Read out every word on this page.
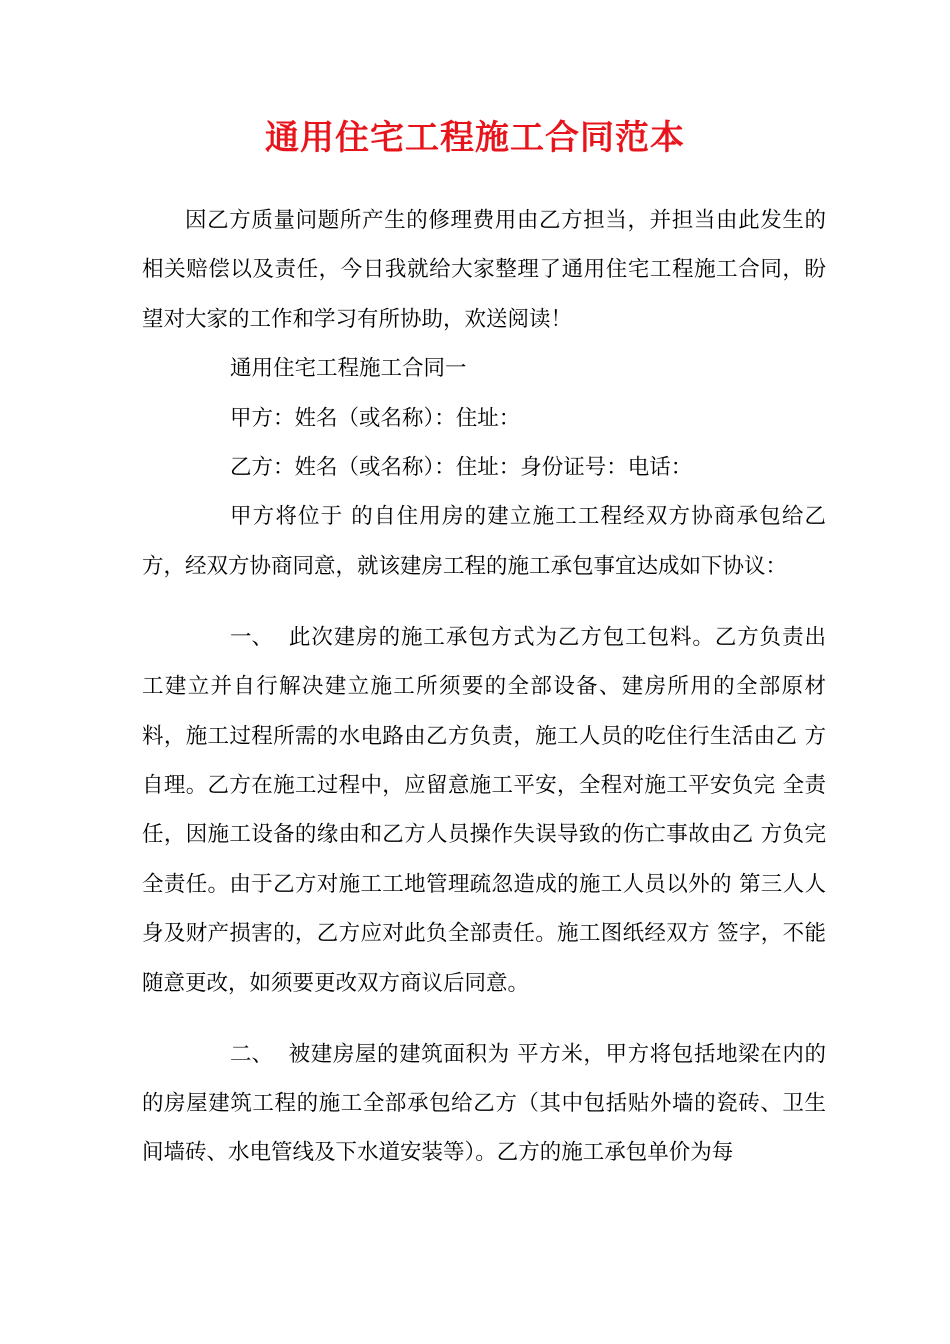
通用住宅工程施工合同范本

因乙方质量问题所产生的修理费用由乙方担当，并担当由此发生的相关赔偿以及责任，今日我就给大家整理了通用住宅工程施工合同，盼望对大家的工作和学习有所协助，欢送阅读！

通用住宅工程施工合同一

甲方：姓名（或名称）：住址：

乙方：姓名（或名称）：住址：身份证号：电话：

甲方将位于 的自住用房的建立施工工程经双方协商承包给乙方，经双方协商同意，就该建房工程的施工承包事宜达成如下协议：

一、 此次建房的施工承包方式为乙方包工包料。乙方负责出 工建立并自行解决建立施工所须要的全部设备、建房所用的全部原材 料，施工过程所需的水电路由乙方负责，施工人员的吃住行生活由乙 方自理。乙方在施工过程中，应留意施工平安，全程对施工平安负完 全责任，因施工设备的缘由和乙方人员操作失误导致的伤亡事故由乙 方负完全责任。由于乙方对施工工地管理疏忽造成的施工人员以外的 第三人人身及财产损害的，乙方应对此负全部责任。施工图纸经双方 签字，不能随意更改，如须要更改双方商议后同意。

二、 被建房屋的建筑面积为 平方米，甲方将包括地梁在内的的房屋建筑工程的施工全部承包给乙方（其中包括贴外墙的瓷砖、卫生间墙砖、水电管线及下水道安装等）。乙方的施工承包单价为每
